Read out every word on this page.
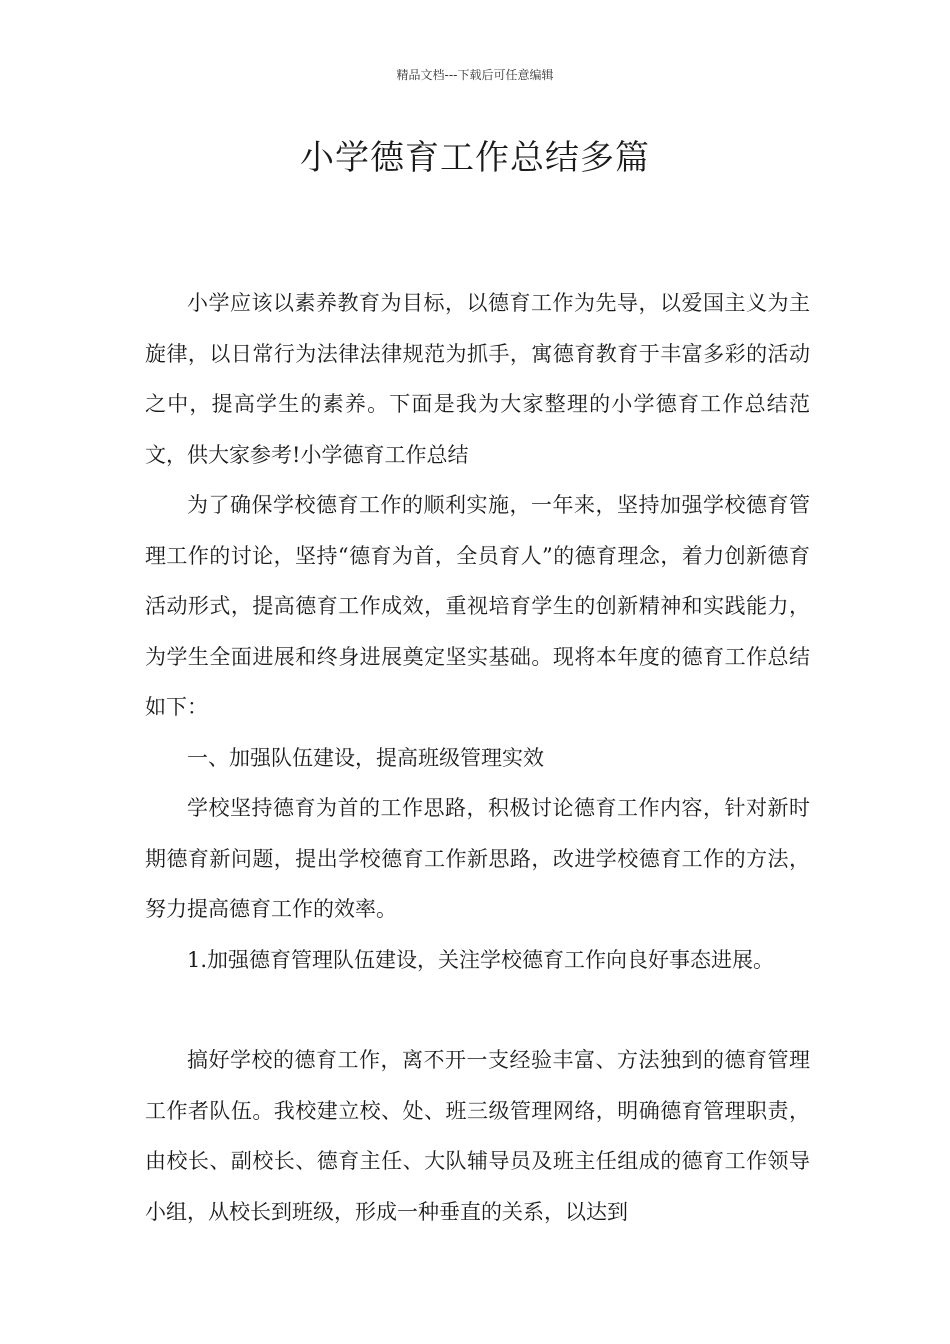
精品文档---下载后可任意编辑
小学德育工作总结多篇

小学应该以素养教育为目标，以德育工作为先导，以爱国主义为主旋律，以日常行为法律法律规范为抓手，寓德育教育于丰富多彩的活动之中，提高学生的素养。下面是我为大家整理的小学德育工作总结范文，供大家参考!小学德育工作总结

为了确保学校德育工作的顺利实施，一年来，坚持加强学校德育管理工作的讨论，坚持“德育为首，全员育人”的德育理念，着力创新德育活动形式，提高德育工作成效，重视培育学生的创新精神和实践能力，为学生全面进展和终身进展奠定坚实基础。现将本年度的德育工作总结如下：

一、加强队伍建设，提高班级管理实效

学校坚持德育为首的工作思路，积极讨论德育工作内容，针对新时期德育新问题，提出学校德育工作新思路，改进学校德育工作的方法，努力提高德育工作的效率。

1.加强德育管理队伍建设，关注学校德育工作向良好事态进展。

搞好学校的德育工作，离不开一支经验丰富、方法独到的德育管理工作者队伍。我校建立校、处、班三级管理网络，明确德育管理职责，由校长、副校长、德育主任、大队辅导员及班主任组成的德育工作领导小组，从校长到班级，形成一种垂直的关系，以达到
